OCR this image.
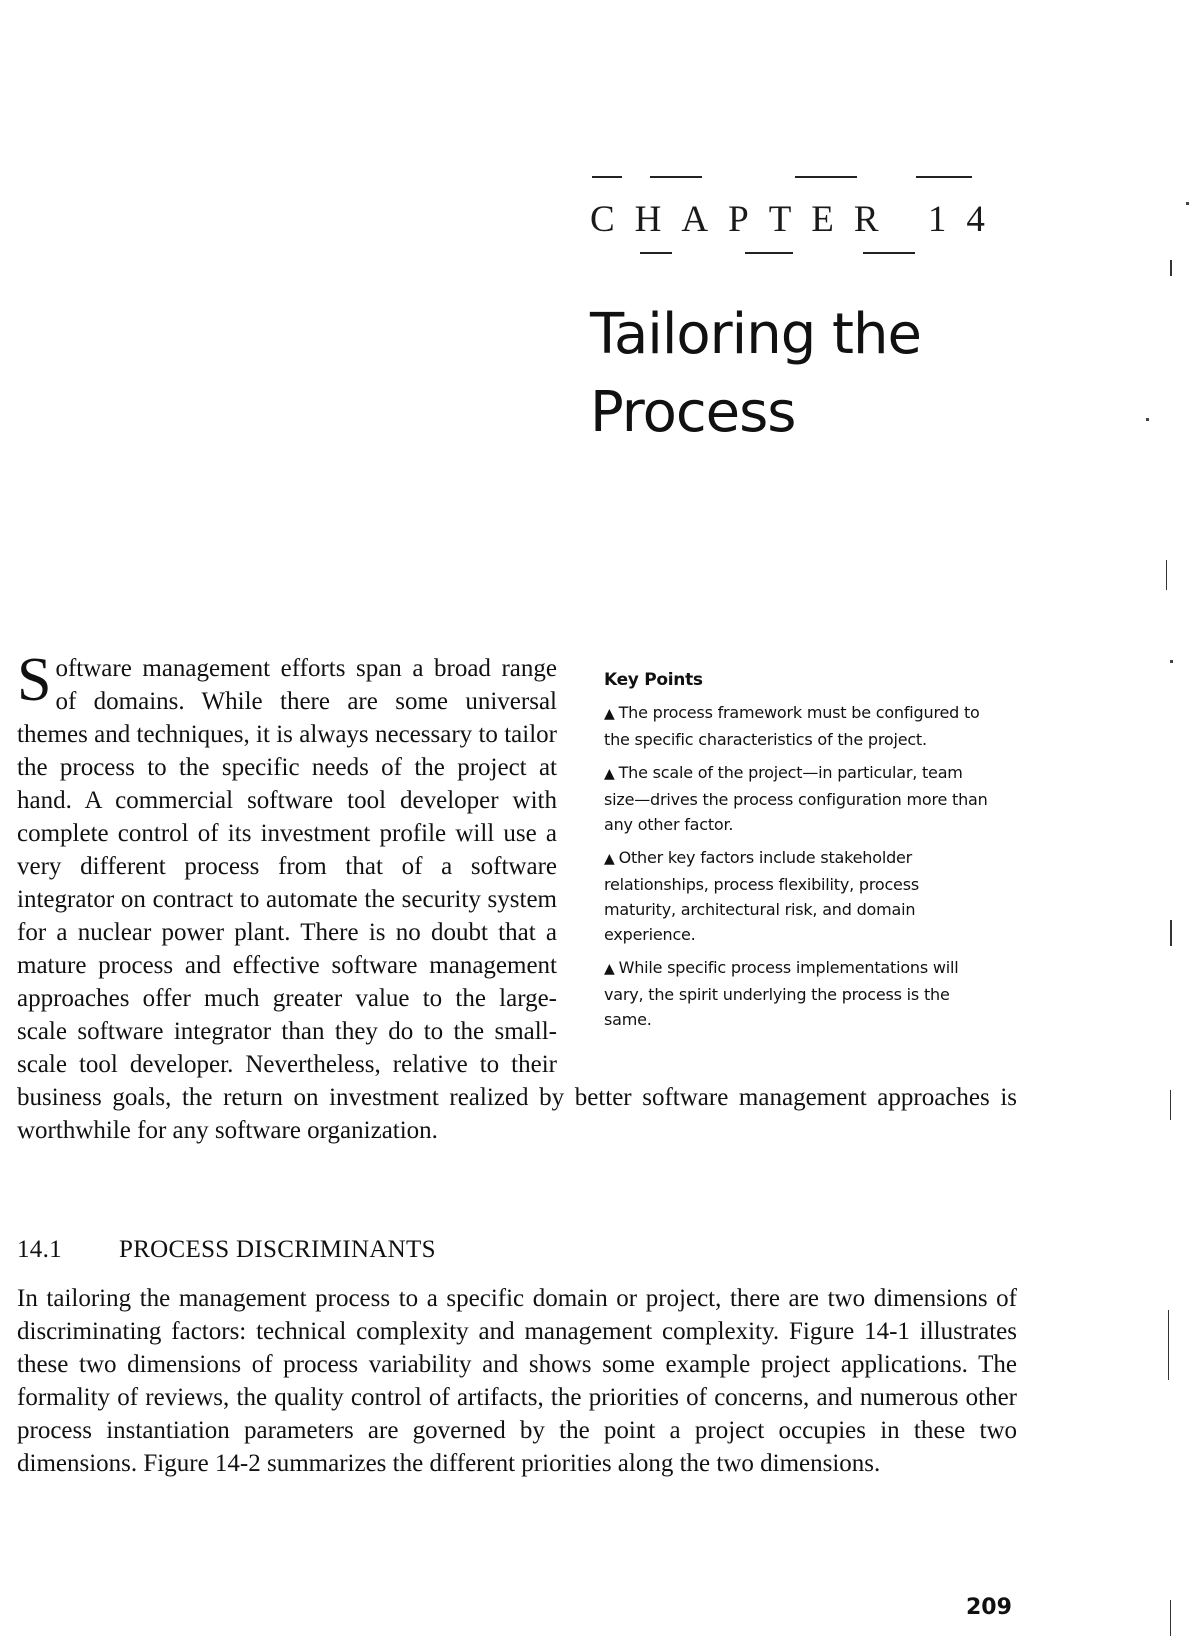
CHAPTER 14
Tailoring the
Process

Software management efforts span a broad range of domains. While there are some universal themes and techniques, it is always necessary to tailor the process to the specific needs of the project at hand. A commercial software tool developer with complete control of its investment profile will use a very different process from that of a software integrator on contract to automate the security system for a nuclear power plant. There is no doubt that a mature process and effective software management approaches offer much greater value to the large-scale software integrator than they do to the small-scale tool developer. Nevertheless, relative to their business goals, the return on investment realized by better software management approaches is worthwhile for any software organization.

Key Points
▲ The process framework must be configured to the specific characteristics of the project.
▲ The scale of the project—in particular, team size—drives the process configuration more than any other factor.
▲ Other key factors include stakeholder relationships, process flexibility, process maturity, architectural risk, and domain experience.
▲ While specific process implementations will vary, the spirit underlying the process is the same.
14.1 PROCESS DISCRIMINANTS

In tailoring the management process to a specific domain or project, there are two dimensions of discriminating factors: technical complexity and management complexity. Figure 14-1 illustrates these two dimensions of process variability and shows some example project applications. The formality of reviews, the quality control of artifacts, the priorities of concerns, and numerous other process instantiation parameters are governed by the point a project occupies in these two dimensions. Figure 14-2 summarizes the different priorities along the two dimensions.

209
